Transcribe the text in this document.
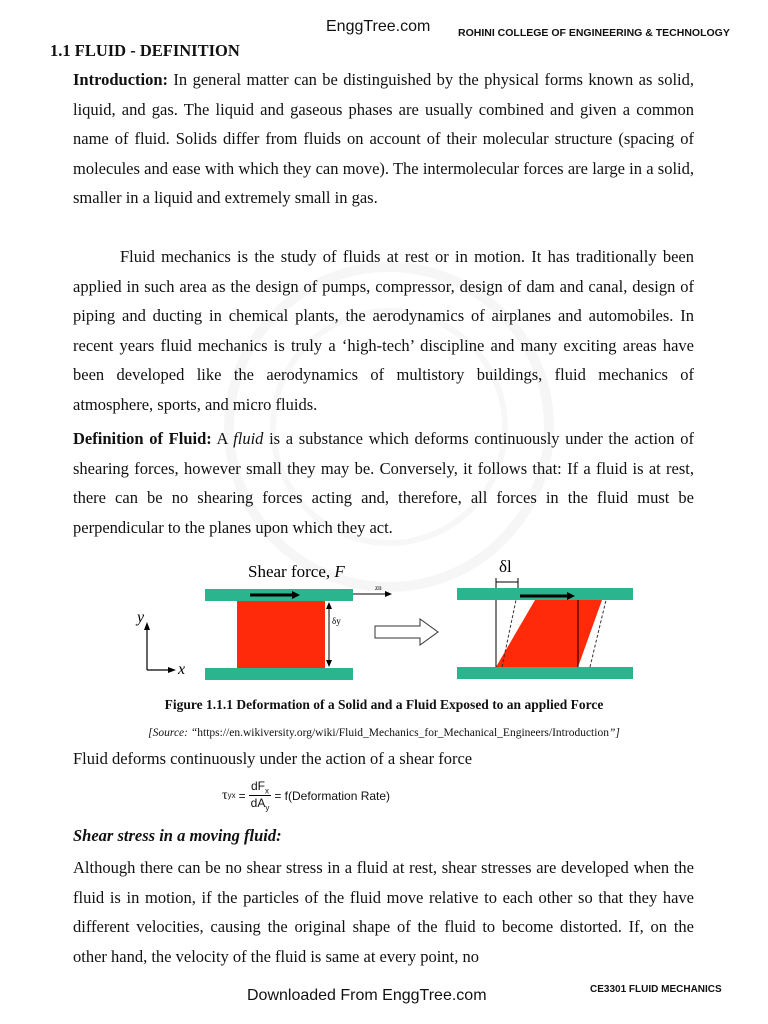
EnggTree.com	ROHINI COLLEGE OF ENGINEERING & TECHNOLOGY
1.1 FLUID - DEFINITION
Introduction: In general matter can be distinguished by the physical forms known as solid, liquid, and gas. The liquid and gaseous phases are usually combined and given a common name of fluid. Solids differ from fluids on account of their molecular structure (spacing of molecules and ease with which they can move). The intermolecular forces are large in a solid, smaller in a liquid and extremely small in gas.
Fluid mechanics is the study of fluids at rest or in motion. It has traditionally been applied in such area as the design of pumps, compressor, design of dam and canal, design of piping and ducting in chemical plants, the aerodynamics of airplanes and automobiles. In recent years fluid mechanics is truly a ‘high-tech’ discipline and many exciting areas have been developed like the aerodynamics of multistory buildings, fluid mechanics of atmosphere, sports, and micro fluids.
Definition of Fluid: A fluid is a substance which deforms continuously under the action of shearing forces, however small they may be. Conversely, it follows that: If a fluid is at rest, there can be no shearing forces acting and, therefore, all forces in the fluid must be perpendicular to the planes upon which they act.
Shear force, F
zn
δy
y
x
δl
Figure 1.1.1 Deformation of a Solid and a Fluid Exposed to an applied Force
[Source: “https://en.wikiversity.org/wiki/Fluid_Mechanics_for_Mechanical_Engineers/Introduction”]
Fluid deforms continuously under the action of a shear force
τ yx =
$dF_x$
$dA_y$
= f(Deformation Rate)
Shear stress in a moving fluid:
Although there can be no shear stress in a fluid at rest, shear stresses are developed when the fluid is in motion, if the particles of the fluid move relative to each other so that they have different velocities, causing the original shape of the fluid to become distorted. If, on the other hand, the velocity of the fluid is same at every point, no
Downloaded From EnggTree.com	CE3301 FLUID MECHANICS
